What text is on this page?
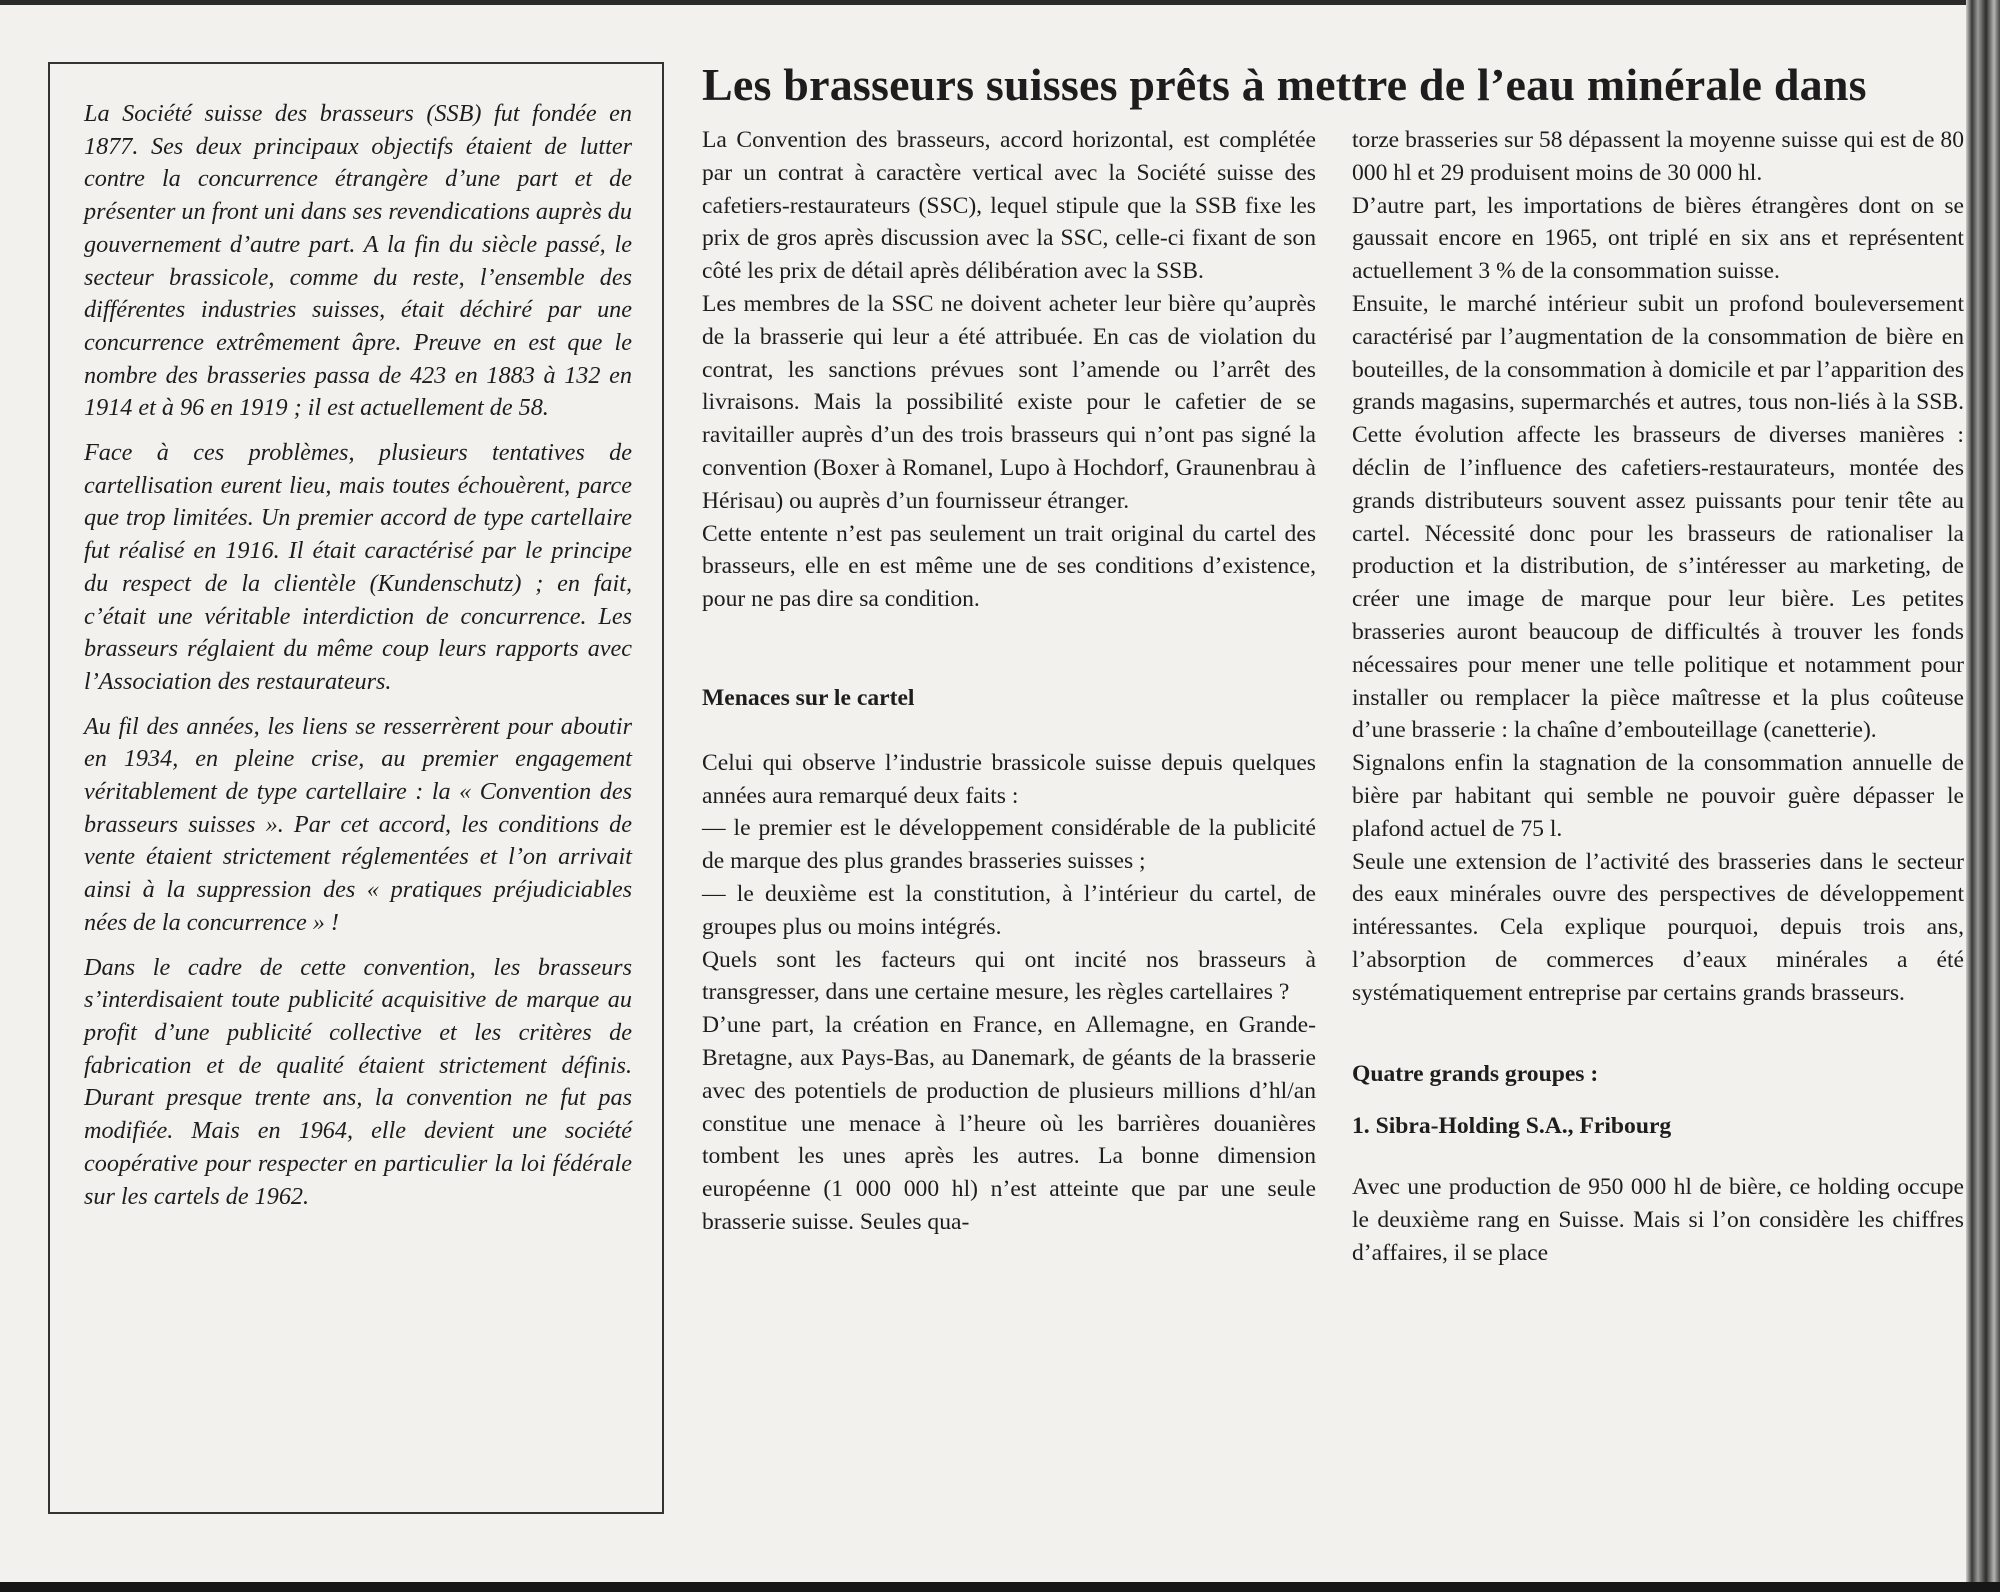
La Société suisse des brasseurs (SSB) fut fondée en 1877. Ses deux principaux objectifs étaient de lutter contre la concurrence étrangère d’une part et de présenter un front uni dans ses revendications auprès du gouvernement d’autre part. A la fin du siècle passé, le secteur brassicole, comme du reste, l’ensemble des différentes industries suisses, était déchiré par une concurrence extrêmement âpre. Preuve en est que le nombre des brasseries passa de 423 en 1883 à 132 en 1914 et à 96 en 1919 ; il est actuellement de 58.

Face à ces problèmes, plusieurs tentatives de cartellisation eurent lieu, mais toutes échouèrent, parce que trop limitées. Un premier accord de type cartellaire fut réalisé en 1916. Il était caractérisé par le principe du respect de la clientèle (Kundenschutz) ; en fait, c’était une véritable interdiction de concurrence. Les brasseurs réglaient du même coup leurs rapports avec l’Association des restaurateurs.

Au fil des années, les liens se resserrèrent pour aboutir en 1934, en pleine crise, au premier engagement véritablement de type cartellaire : la « Convention des brasseurs suisses ». Par cet accord, les conditions de vente étaient strictement réglementées et l’on arrivait ainsi à la suppression des « pratiques préjudiciables nées de la concurrence » !

Dans le cadre de cette convention, les brasseurs s’interdisaient toute publicité acquisitive de marque au profit d’une publicité collective et les critères de fabrication et de qualité étaient strictement définis. Durant presque trente ans, la convention ne fut pas modifiée. Mais en 1964, elle devient une société coopérative pour respecter en particulier la loi fédérale sur les cartels de 1962.

Les brasseurs suisses prêts à mettre de l’eau minérale dans

La Convention des brasseurs, accord horizontal, est complétée par un contrat à caractère vertical avec la Société suisse des cafetiers-restaurateurs (SSC), lequel stipule que la SSB fixe les prix de gros après discussion avec la SSC, celle-ci fixant de son côté les prix de détail après délibération avec la SSB.

Les membres de la SSC ne doivent acheter leur bière qu’auprès de la brasserie qui leur a été attribuée. En cas de violation du contrat, les sanctions prévues sont l’amende ou l’arrêt des livraisons. Mais la possibilité existe pour le cafetier de se ravitailler auprès d’un des trois brasseurs qui n’ont pas signé la convention (Boxer à Romanel, Lupo à Hochdorf, Graunenbrau à Hérisau) ou auprès d’un fournisseur étranger.

Cette entente n’est pas seulement un trait original du cartel des brasseurs, elle en est même une de ses conditions d’existence, pour ne pas dire sa condition.

Menaces sur le cartel

Celui qui observe l’industrie brassicole suisse depuis quelques années aura remarqué deux faits :

— le premier est le développement considérable de la publicité de marque des plus grandes brasseries suisses ;

— le deuxième est la constitution, à l’intérieur du cartel, de groupes plus ou moins intégrés.

Quels sont les facteurs qui ont incité nos brasseurs à transgresser, dans une certaine mesure, les règles cartellaires ?

D’une part, la création en France, en Allemagne, en Grande-Bretagne, aux Pays-Bas, au Danemark, de géants de la brasserie avec des potentiels de production de plusieurs millions d’hl/an constitue une menace à l’heure où les barrières douanières tombent les unes après les autres. La bonne dimension européenne (1 000 000 hl) n’est atteinte que par une seule brasserie suisse. Seules qua-

torze brasseries sur 58 dépassent la moyenne suisse qui est de 80 000 hl et 29 produisent moins de 30 000 hl.

D’autre part, les importations de bières étrangères dont on se gaussait encore en 1965, ont triplé en six ans et représentent actuellement 3 % de la consommation suisse.

Ensuite, le marché intérieur subit un profond bouleversement caractérisé par l’augmentation de la consommation de bière en bouteilles, de la consommation à domicile et par l’apparition des grands magasins, supermarchés et autres, tous non-liés à la SSB. Cette évolution affecte les brasseurs de diverses manières : déclin de l’influence des cafetiers-restaurateurs, montée des grands distributeurs souvent assez puissants pour tenir tête au cartel. Nécessité donc pour les brasseurs de rationaliser la production et la distribution, de s’intéresser au marketing, de créer une image de marque pour leur bière. Les petites brasseries auront beaucoup de difficultés à trouver les fonds nécessaires pour mener une telle politique et notamment pour installer ou remplacer la pièce maîtresse et la plus coûteuse d’une brasserie : la chaîne d’embouteillage (canetterie).

Signalons enfin la stagnation de la consommation annuelle de bière par habitant qui semble ne pouvoir guère dépasser le plafond actuel de 75 l.

Seule une extension de l’activité des brasseries dans le secteur des eaux minérales ouvre des perspectives de développement intéressantes. Cela explique pourquoi, depuis trois ans, l’absorption de commerces d’eaux minérales a été systématiquement entreprise par certains grands brasseurs.

Quatre grands groupes :
1. Sibra-Holding S.A., Fribourg

Avec une production de 950 000 hl de bière, ce holding occupe le deuxième rang en Suisse. Mais si l’on considère les chiffres d’affaires, il se place
